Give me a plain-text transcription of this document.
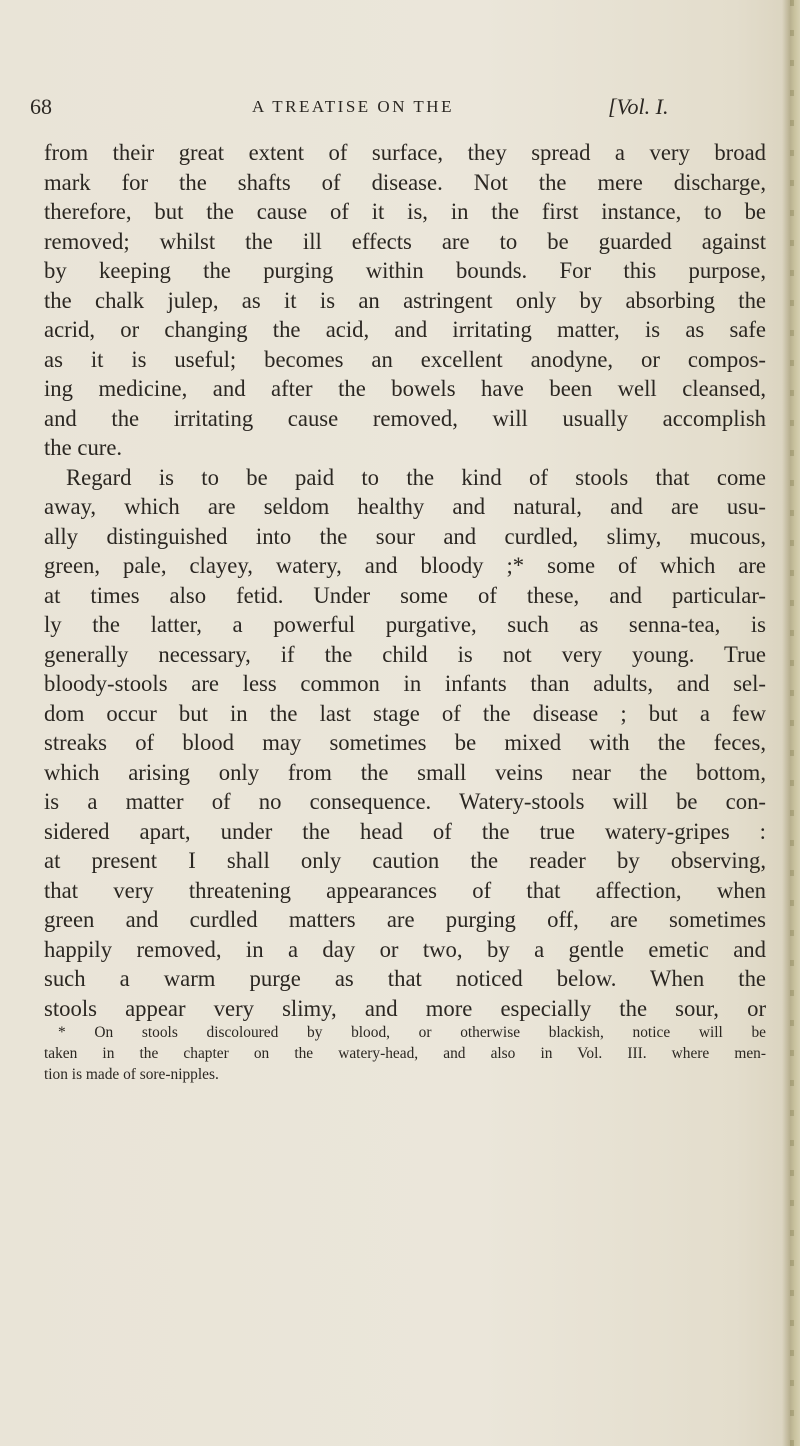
68	A TREATISE ON THE	[Vol. I.
from their great extent of surface, they spread a very broad
mark for the shafts of disease. Not the mere discharge,
therefore, but the cause of it is, in the first instance, to be
removed; whilst the ill effects are to be guarded against
by keeping the purging within bounds. For this purpose,
the chalk julep, as it is an astringent only by absorbing the
acrid, or changing the acid, and irritating matter, is as safe
as it is useful; becomes an excellent anodyne, or compos-
ing medicine, and after the bowels have been well cleansed,
and the irritating cause removed, will usually accomplish
the cure.
Regard is to be paid to the kind of stools that come
away, which are seldom healthy and natural, and are usu-
ally distinguished into the sour and curdled, slimy, mucous,
green, pale, clayey, watery, and bloody ;* some of which are
at times also fetid. Under some of these, and particular-
ly the latter, a powerful purgative, such as senna-tea, is
generally necessary, if the child is not very young. True
bloody-stools are less common in infants than adults, and sel-
dom occur but in the last stage of the disease ; but a few
streaks of blood may sometimes be mixed with the feces,
which arising only from the small veins near the bottom,
is a matter of no consequence. Watery-stools will be con-
sidered apart, under the head of the true watery-gripes :
at present I shall only caution the reader by observing,
that very threatening appearances of that affection, when
green and curdled matters are purging off, are sometimes
happily removed, in a day or two, by a gentle emetic and
such a warm purge as that noticed below. When the
stools appear very slimy, and more especially the sour, or
* On stools discoloured by blood, or otherwise blackish, notice will be
taken in the chapter on the watery-head, and also in Vol. III. where men-
tion is made of sore-nipples.
